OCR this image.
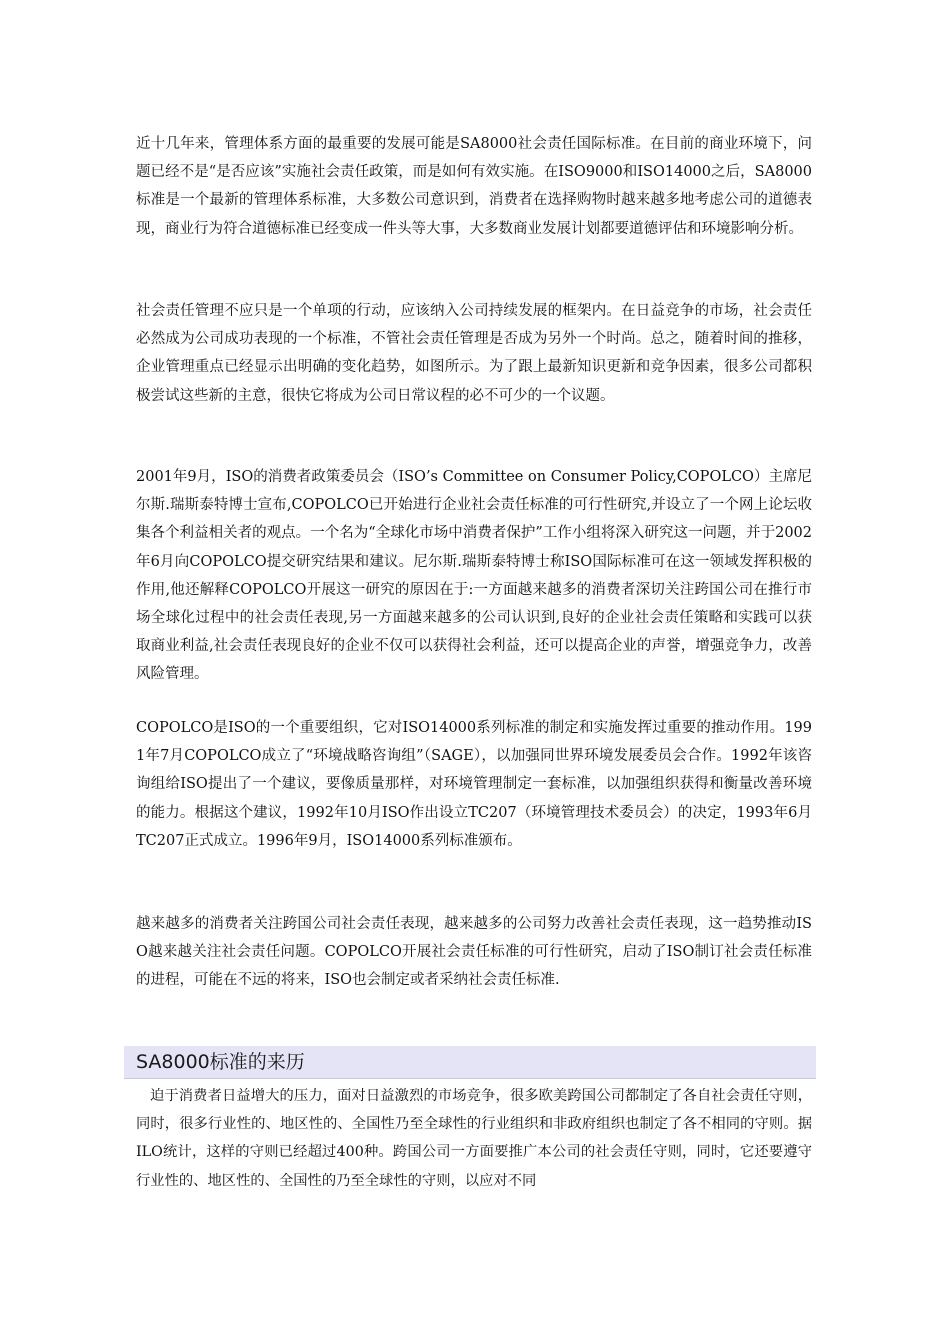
近十几年来，管理体系方面的最重要的发展可能是SA8000社会责任国际标准。在目前的商业环境下，问题已经不是“是否应该”实施社会责任政策，而是如何有效实施。在ISO9000和ISO14000之后，SA8000标准是一个最新的管理体系标准，大多数公司意识到，消费者在选择购物时越来越多地考虑公司的道德表现，商业行为符合道德标准已经变成一件头等大事，大多数商业发展计划都要道德评估和环境影响分析。

社会责任管理不应只是一个单项的行动，应该纳入公司持续发展的框架内。在日益竞争的市场，社会责任必然成为公司成功表现的一个标准，不管社会责任管理是否成为另外一个时尚。总之，随着时间的推移，企业管理重点已经显示出明确的变化趋势，如图所示。为了跟上最新知识更新和竞争因素，很多公司都积极尝试这些新的主意，很快它将成为公司日常议程的必不可少的一个议题。

2001年9月，ISO的消费者政策委员会（ISO’s Committee on Consumer Policy,COPOLCO）主席尼尔斯.瑞斯泰特博士宣布,COPOLCO已开始进行企业社会责任标准的可行性研究,并设立了一个网上论坛收集各个利益相关者的观点。一个名为“全球化市场中消费者保护”工作小组将深入研究这一问题，并于2002年6月向COPOLCO提交研究结果和建议。尼尔斯.瑞斯泰特博士称ISO国际标准可在这一领域发挥积极的作用,他还解释COPOLCO开展这一研究的原因在于:一方面越来越多的消费者深切关注跨国公司在推行市场全球化过程中的社会责任表现,另一方面越来越多的公司认识到,良好的企业社会责任策略和实践可以获取商业利益,社会责任表现良好的企业不仅可以获得社会利益，还可以提高企业的声誉，增强竞争力，改善风险管理。

COPOLCO是ISO的一个重要组织，它对ISO14000系列标准的制定和实施发挥过重要的推动作用。1991年7月COPOLCO成立了“环境战略咨询组”（SAGE），以加强同世界环境发展委员会合作。1992年该咨询组给ISO提出了一个建议，要像质量那样，对环境管理制定一套标准，以加强组织获得和衡量改善环境的能力。根据这个建议，1992年10月ISO作出设立TC207（环境管理技术委员会）的决定，1993年6月TC207正式成立。1996年9月，ISO14000系列标准颁布。

越来越多的消费者关注跨国公司社会责任表现，越来越多的公司努力改善社会责任表现，这一趋势推动ISO越来越关注社会责任问题。COPOLCO开展社会责任标准的可行性研究，启动了ISO制订社会责任标准的进程，可能在不远的将来，ISO也会制定或者采纳社会责任标准.

SA8000标准的来历

迫于消费者日益增大的压力，面对日益激烈的市场竞争，很多欧美跨国公司都制定了各自社会责任守则，同时，很多行业性的、地区性的、全国性乃至全球性的行业组织和非政府组织也制定了各不相同的守则。据ILO统计，这样的守则已经超过400种。跨国公司一方面要推广本公司的社会责任守则，同时，它还要遵守行业性的、地区性的、全国性的乃至全球性的守则，以应对不同
